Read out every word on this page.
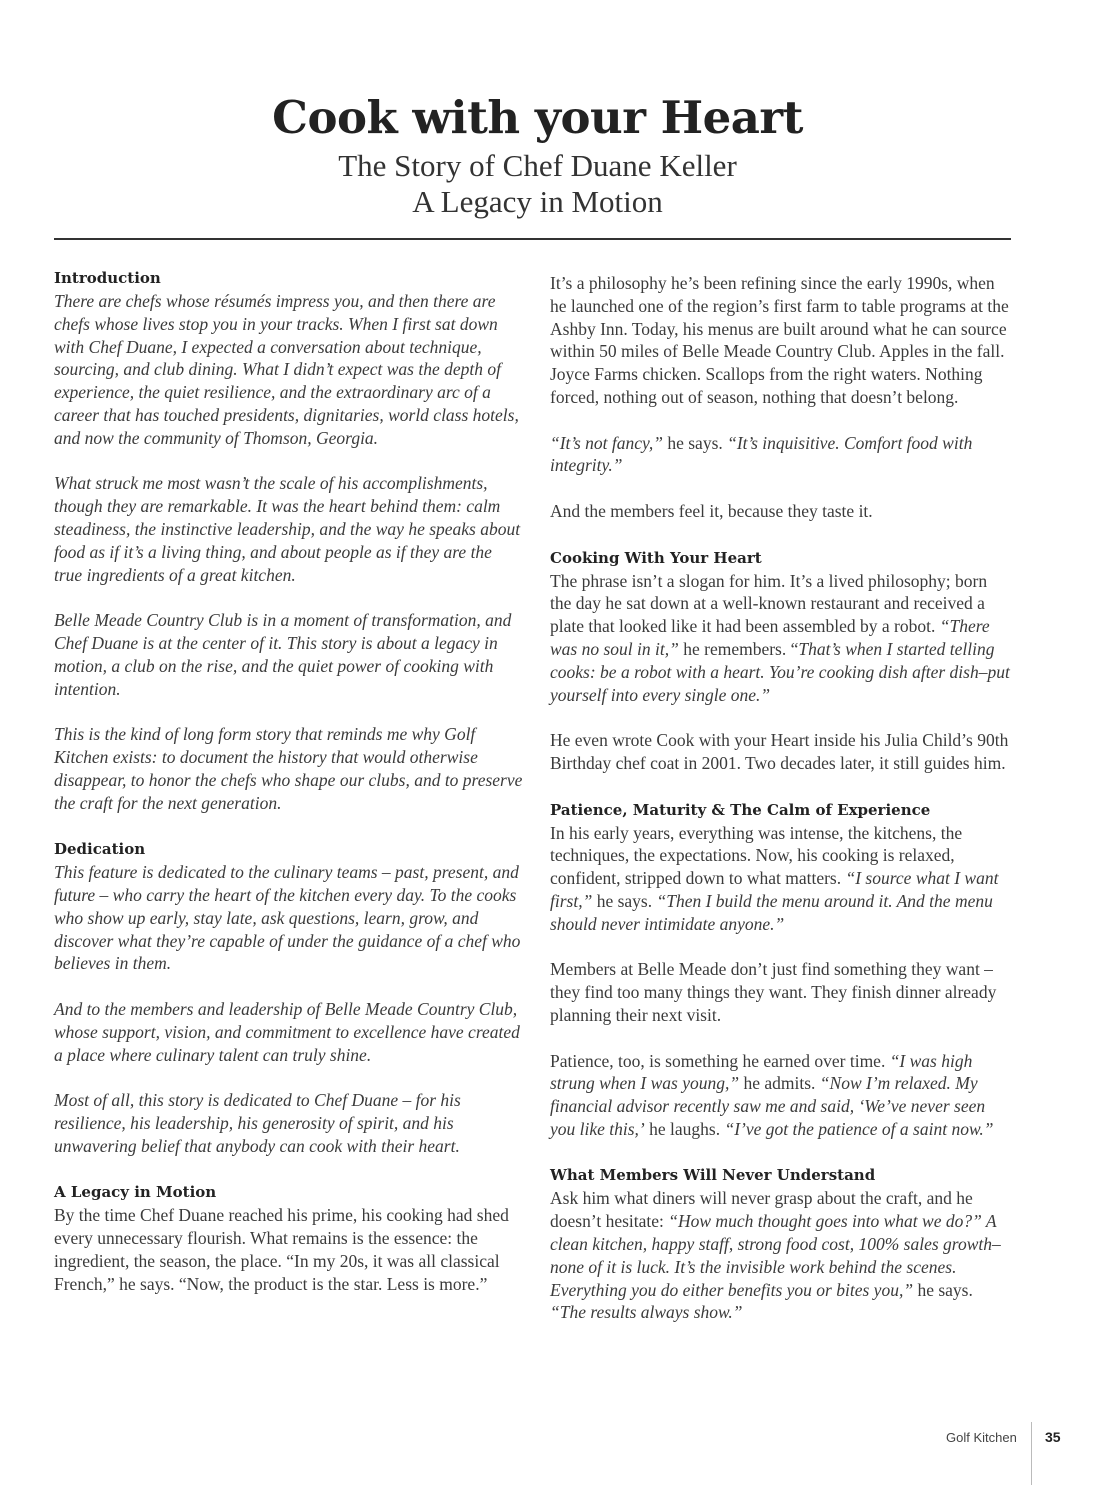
Cook with your Heart

The Story of Chef Duane Keller

A Legacy in Motion

Introduction

There are chefs whose résumés impress you, and then there are chefs whose lives stop you in your tracks. When I first sat down with Chef Duane, I expected a conversation about technique, sourcing, and club dining. What I didn’t expect was the depth of experience, the quiet resilience, and the extraordinary arc of a career that has touched presidents, dignitaries, world class hotels, and now the community of Thomson, Georgia.

What struck me most wasn’t the scale of his accomplishments, though they are remarkable. It was the heart behind them: calm steadiness, the instinctive leadership, and the way he speaks about food as if it’s a living thing, and about people as if they are the true ingredients of a great kitchen.

Belle Meade Country Club is in a moment of transformation, and Chef Duane is at the center of it. This story is about a legacy in motion, a club on the rise, and the quiet power of cooking with intention.

This is the kind of long form story that reminds me why Golf Kitchen exists: to document the history that would otherwise disappear, to honor the chefs who shape our clubs, and to preserve the craft for the next generation.

Dedication

This feature is dedicated to the culinary teams – past, present, and future – who carry the heart of the kitchen every day. To the cooks who show up early, stay late, ask questions, learn, grow, and discover what they’re capable of under the guidance of a chef who believes in them.

And to the members and leadership of Belle Meade Country Club, whose support, vision, and commitment to excellence have created a place where culinary talent can truly shine.

Most of all, this story is dedicated to Chef Duane – for his resilience, his leadership, his generosity of spirit, and his unwavering belief that anybody can cook with their heart.

A Legacy in Motion

By the time Chef Duane reached his prime, his cooking had shed every unnecessary flourish. What remains is the essence: the ingredient, the season, the place. “In my 20s, it was all classical French,” he says. “Now, the product is the star. Less is more.”

It’s a philosophy he’s been refining since the early 1990s, when he launched one of the region’s first farm to table programs at the Ashby Inn. Today, his menus are built around what he can source within 50 miles of Belle Meade Country Club. Apples in the fall. Joyce Farms chicken. Scallops from the right waters. Nothing forced, nothing out of season, nothing that doesn’t belong.

“It’s not fancy,” he says. “It’s inquisitive. Comfort food with integrity.”

And the members feel it, because they taste it.

Cooking With Your Heart

The phrase isn’t a slogan for him. It’s a lived philosophy; born the day he sat down at a well-known restaurant and received a plate that looked like it had been assembled by a robot. “There was no soul in it,” he remembers. “That’s when I started telling cooks: be a robot with a heart. You’re cooking dish after dish–put yourself into every single one.”

He even wrote Cook with your Heart inside his Julia Child’s 90th Birthday chef coat in 2001. Two decades later, it still guides him.

Patience, Maturity & The Calm of Experience

In his early years, everything was intense, the kitchens, the techniques, the expectations. Now, his cooking is relaxed, confident, stripped down to what matters. “I source what I want first,” he says. “Then I build the menu around it. And the menu should never intimidate anyone.”

Members at Belle Meade don’t just find something they want – they find too many things they want. They finish dinner already planning their next visit.

Patience, too, is something he earned over time. “I was high strung when I was young,” he admits. “Now I’m relaxed. My financial advisor recently saw me and said, ‘We’ve never seen you like this,’ he laughs. “I’ve got the patience of a saint now.”

What Members Will Never Understand

Ask him what diners will never grasp about the craft, and he doesn’t hesitate: “How much thought goes into what we do?” A clean kitchen, happy staff, strong food cost, 100% sales growth–none of it is luck. It’s the invisible work behind the scenes. Everything you do either benefits you or bites you,” he says. “The results always show.”

Golf Kitchen 35
